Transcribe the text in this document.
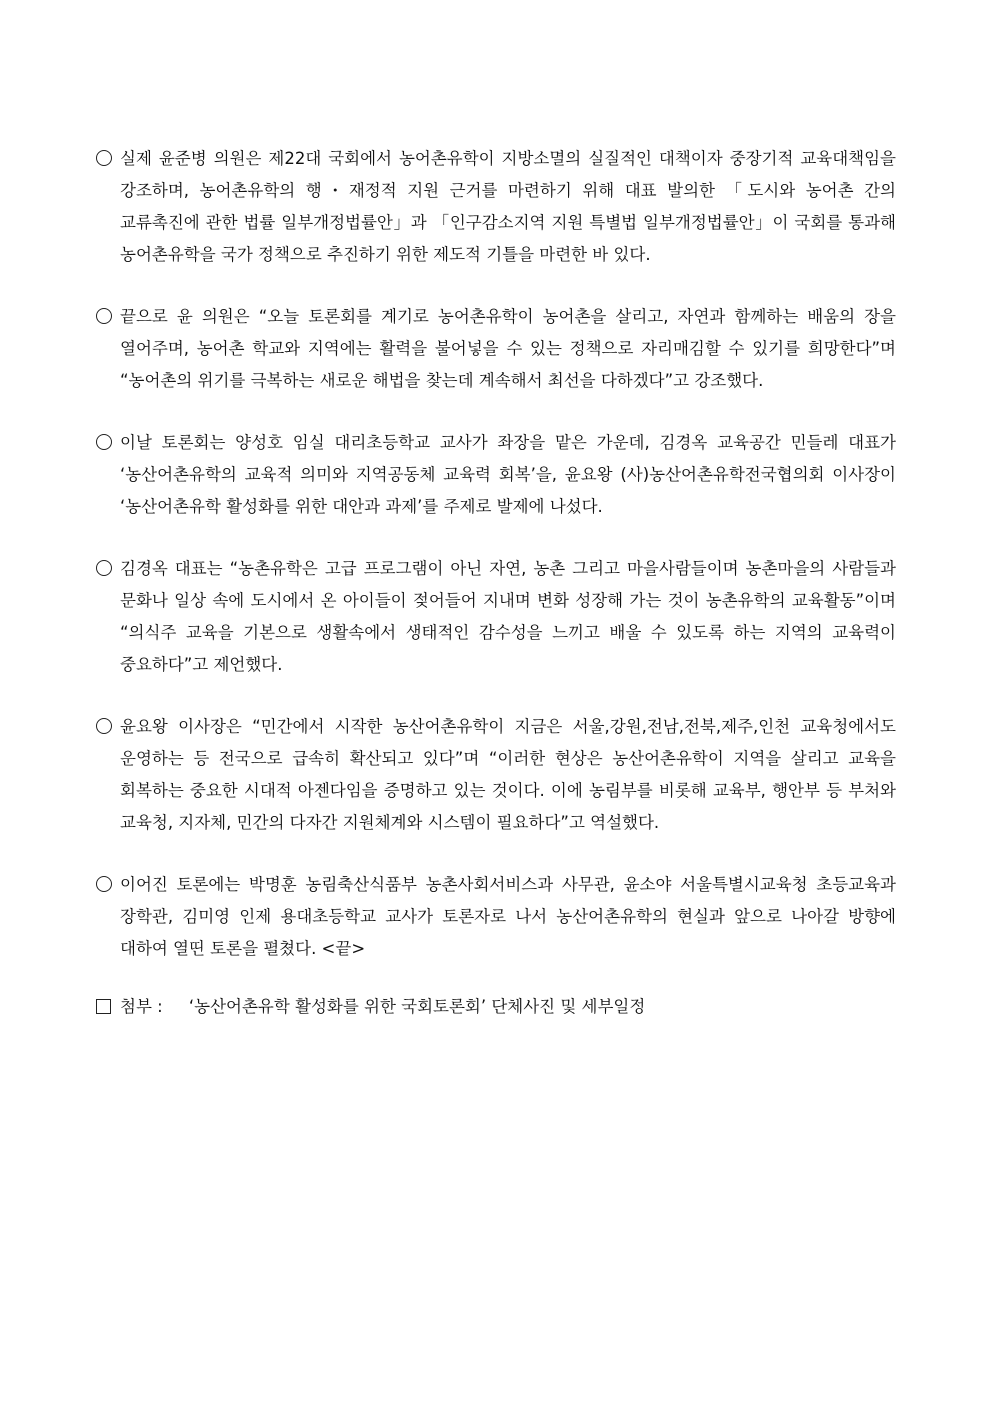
실제 윤준병 의원은 제22대 국회에서 농어촌유학이 지방소멸의 실질적인 대책이자 중장기적 교육대책임을 강조하며, 농어촌유학의 행・재정적 지원 근거를 마련하기 위해 대표 발의한 「도시와 농어촌 간의 교류촉진에 관한 법률 일부개정법률안」과 「인구감소지역 지원 특별법 일부개정법률안」이 국회를 통과해 농어촌유학을 국가 정책으로 추진하기 위한 제도적 기틀을 마련한 바 있다.
끝으로 윤 의원은 “오늘 토론회를 계기로 농어촌유학이 농어촌을 살리고, 자연과 함께하는 배움의 장을 열어주며, 농어촌 학교와 지역에는 활력을 불어넣을 수 있는 정책으로 자리매김할 수 있기를 희망한다”며 “농어촌의 위기를 극복하는 새로운 해법을 찾는데 계속해서 최선을 다하겠다”고 강조했다.
이날 토론회는 양성호 임실 대리초등학교 교사가 좌장을 맡은 가운데, 김경옥 교육공간 민들레 대표가 ‘농산어촌유학의 교육적 의미와 지역공동체 교육력 회복’을, 윤요왕 (사)농산어촌유학전국협의회 이사장이 ‘농산어촌유학 활성화를 위한 대안과 과제’를 주제로 발제에 나섰다.
김경옥 대표는 “농촌유학은 고급 프로그램이 아닌 자연, 농촌 그리고 마을사람들이며 농촌마을의 사람들과 문화나 일상 속에 도시에서 온 아이들이 젖어들어 지내며 변화 성장해 가는 것이 농촌유학의 교육활동”이며 “의식주 교육을 기본으로 생활속에서 생태적인 감수성을 느끼고 배울 수 있도록 하는 지역의 교육력이 중요하다”고 제언했다.
윤요왕 이사장은 “민간에서 시작한 농산어촌유학이 지금은 서울,강원,전남,전북,제주,인천 교육청에서도 운영하는 등 전국으로 급속히 확산되고 있다”며 “이러한 현상은 농산어촌유학이 지역을 살리고 교육을 회복하는 중요한 시대적 아젠다임을 증명하고 있는 것이다. 이에 농림부를 비롯해 교육부, 행안부 등 부처와 교육청, 지자체, 민간의 다자간 지원체계와 시스템이 필요하다”고 역설했다.
이어진 토론에는 박명훈 농림축산식품부 농촌사회서비스과 사무관, 윤소야 서울특별시교육청 초등교육과 장학관, 김미영 인제 용대초등학교 교사가 토론자로 나서 농산어촌유학의 현실과 앞으로 나아갈 방향에 대하여 열띤 토론을 펼쳤다. <끝>
첨부 : ‘농산어촌유학 활성화를 위한 국회토론회’ 단체사진 및 세부일정
